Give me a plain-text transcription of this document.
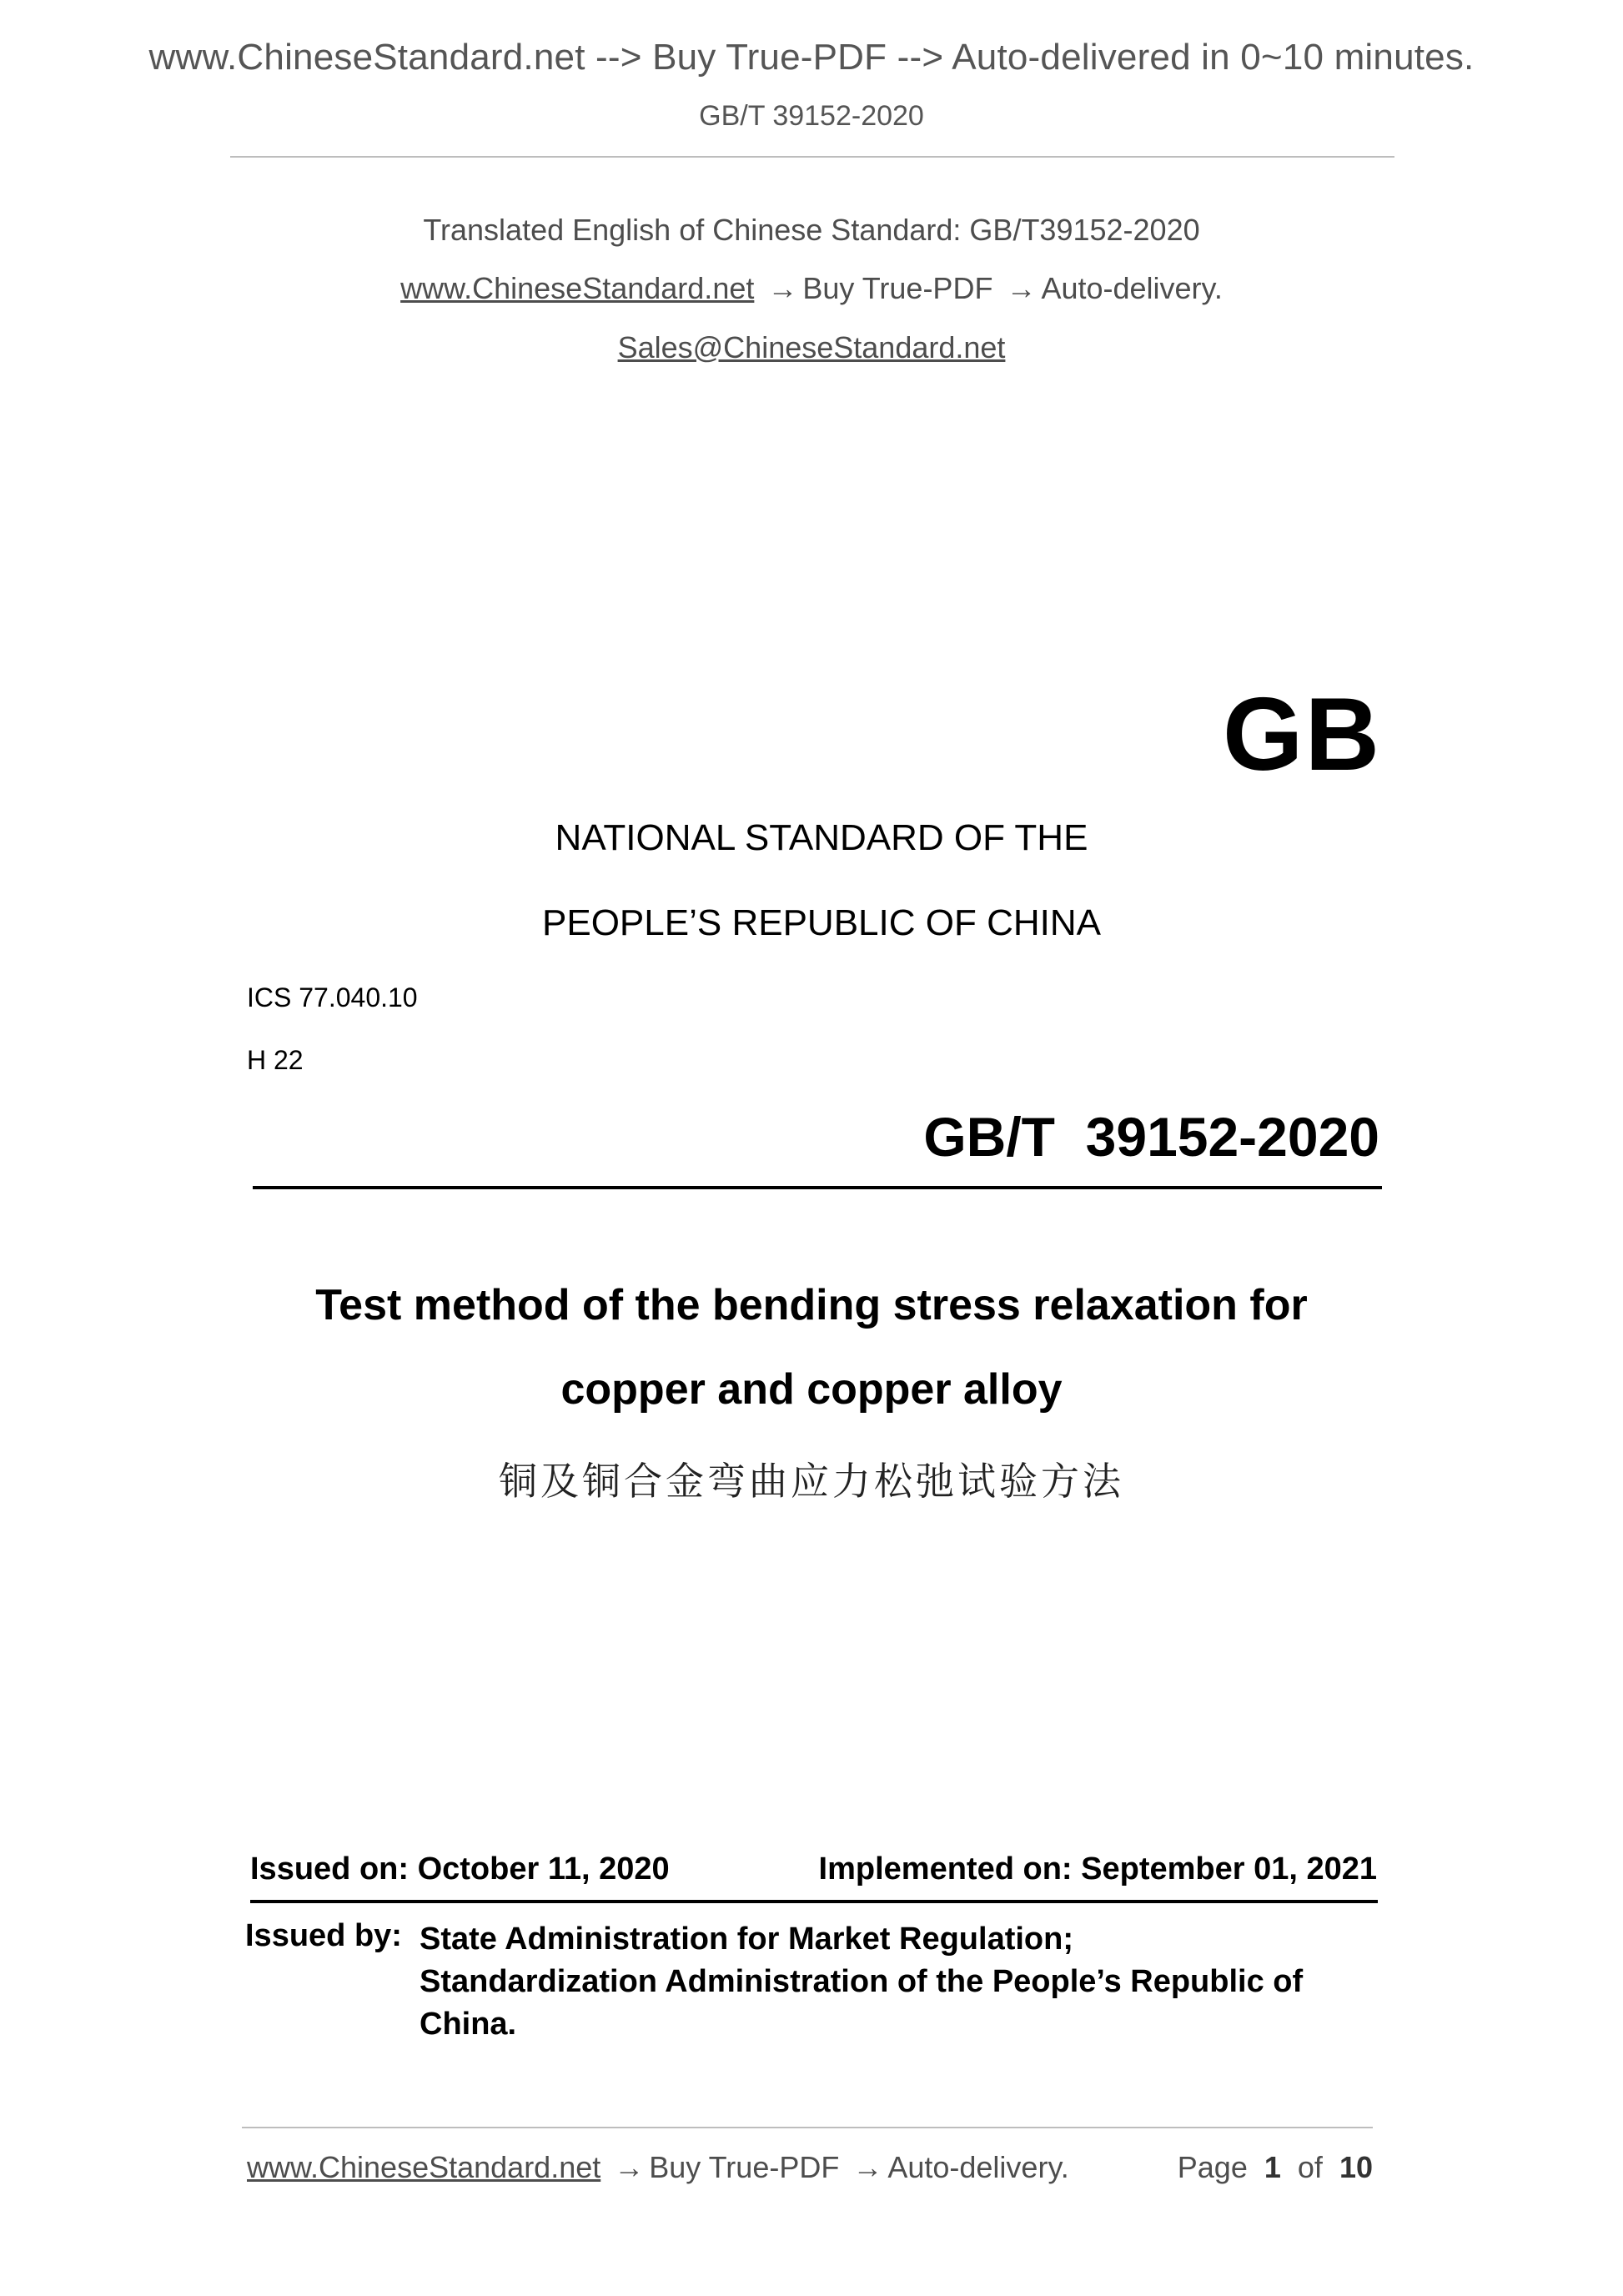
www.ChineseStandard.net --> Buy True-PDF --> Auto-delivered in 0~10 minutes.
GB/T 39152-2020
Translated English of Chinese Standard: GB/T39152-2020
www.ChineseStandard.net → Buy True-PDF → Auto-delivery.
Sales@ChineseStandard.net
GB
NATIONAL STANDARD OF THE
PEOPLE’S REPUBLIC OF CHINA
ICS 77.040.10
H 22
GB/T  39152-2020
Test method of the bending stress relaxation for
copper and copper alloy
铜及铜合金弯曲应力松弛试验方法
Issued on: October 11, 2020	Implemented on: September 01, 2021
Issued by: State Administration for Market Regulation;
Standardization Administration of the People’s Republic of
China.
www.ChineseStandard.net → Buy True-PDF → Auto-delivery.	Page 1 of 10
